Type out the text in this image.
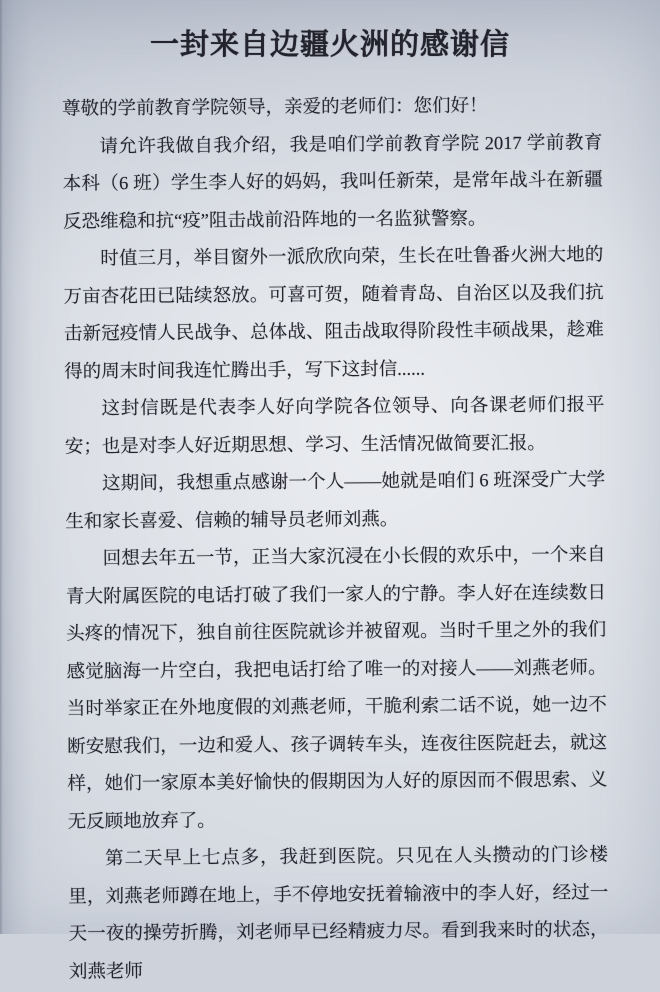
一封来自边疆火洲的感谢信

尊敬的学前教育学院领导，亲爱的老师们：您们好！

请允许我做自我介绍，我是咱们学前教育学院 2017 学前教育本科（6 班）学生李人好的妈妈，我叫任新荣，是常年战斗在新疆反恐维稳和抗“疫”阻击战前沿阵地的一名监狱警察。

时值三月，举目窗外一派欣欣向荣，生长在吐鲁番火洲大地的万亩杏花田已陆续怒放。可喜可贺，随着青岛、自治区以及我们抗击新冠疫情人民战争、总体战、阻击战取得阶段性丰硕战果，趁难得的周末时间我连忙腾出手，写下这封信......

这封信既是代表李人好向学院各位领导、向各课老师们报平安；也是对李人好近期思想、学习、生活情况做简要汇报。

这期间，我想重点感谢一个人——她就是咱们 6 班深受广大学生和家长喜爱、信赖的辅导员老师刘燕。

回想去年五一节，正当大家沉浸在小长假的欢乐中，一个来自青大附属医院的电话打破了我们一家人的宁静。李人好在连续数日头疼的情况下，独自前往医院就诊并被留观。当时千里之外的我们感觉脑海一片空白，我把电话打给了唯一的对接人——刘燕老师。当时举家正在外地度假的刘燕老师，干脆利索二话不说，她一边不断安慰我们，一边和爱人、孩子调转车头，连夜往医院赶去，就这样，她们一家原本美好愉快的假期因为人好的原因而不假思索、义无反顾地放弃了。

第二天早上七点多，我赶到医院。只见在人头攒动的门诊楼里，刘燕老师蹲在地上，手不停地安抚着输液中的李人好，经过一天一夜的操劳折腾，刘老师早已经精疲力尽。看到我来时的状态，刘燕老师
